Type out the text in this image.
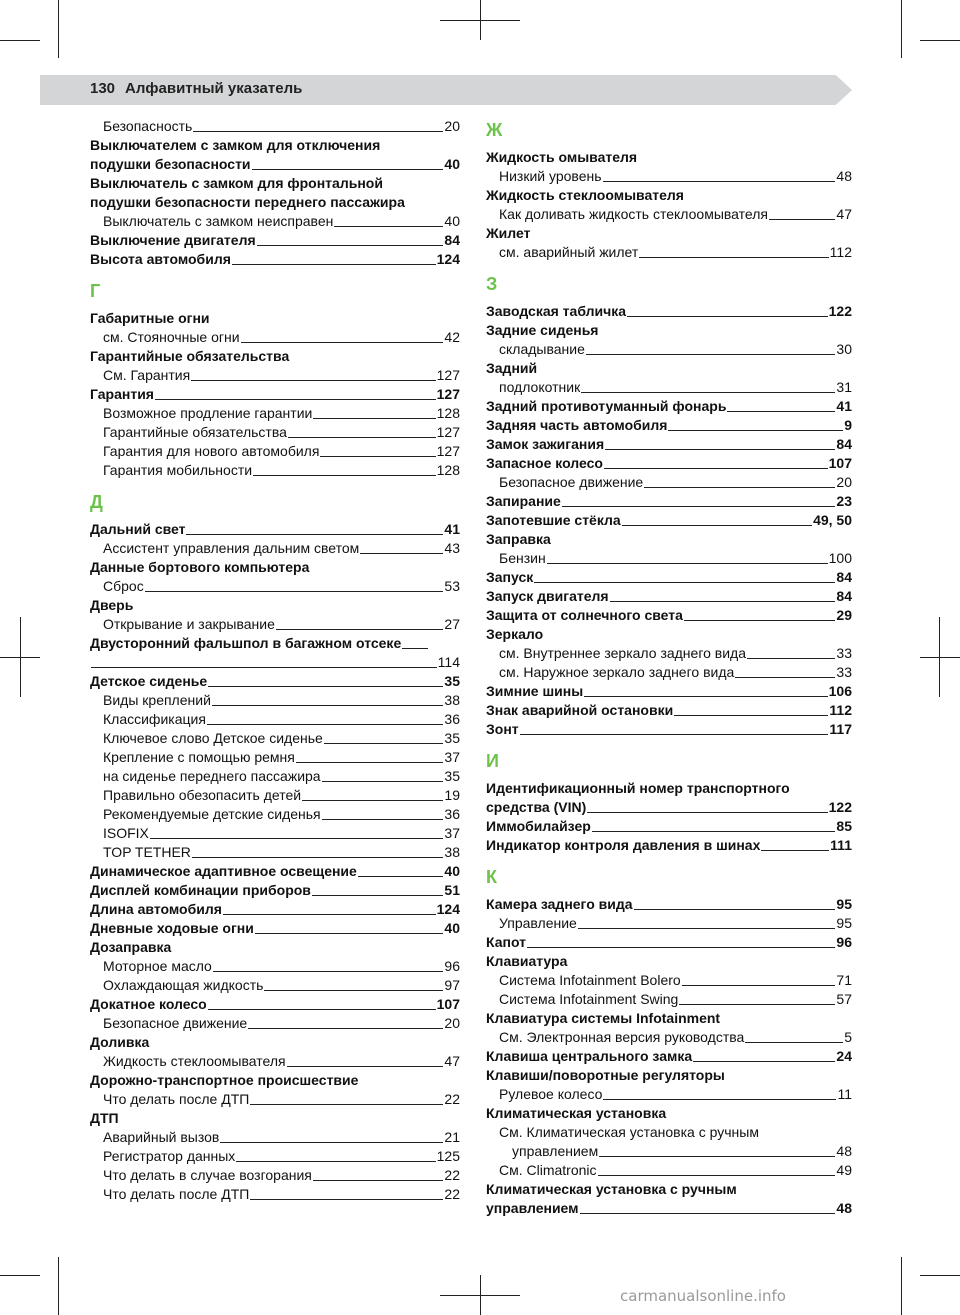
130 Алфавитный указатель
Безопасность	20
Выключателем с замком для отключения
подушки безопасности	40
Выключатель с замком для фронтальной
подушки безопасности переднего пассажира
Выключатель с замком неисправен	40
Выключение двигателя	84
Высота автомобиля	124
Г
Габаритные огни
см. Стояночные огни	42
Гарантийные обязательства
См. Гарантия	127
Гарантия	127
Возможное продление гарантии	128
Гарантийные обязательства	127
Гарантия для нового автомобиля	127
Гарантия мобильности	128
Д
Дальний свет	41
Ассистент управления дальним светом	43
Данные бортового компьютера
Сброс	53
Дверь
Открывание и закрывание	27
Двусторонний фальшпол в багажном отсеке
114
Детское сиденье	35
Виды креплений	38
Классификация	36
Ключевое слово Детское сиденье	35
Крепление с помощью ремня	37
на сиденье переднего пассажира	35
Правильно обезопасить детей	19
Рекомендуемые детские сиденья	36
ISOFIX	37
TOP TETHER	38
Динамическое адаптивное освещение	40
Дисплей комбинации приборов	51
Длина автомобиля	124
Дневные ходовые огни	40
Дозаправка
Моторное масло	96
Охлаждающая жидкость	97
Докатное колесо	107
Безопасное движение	20
Доливка
Жидкость стеклоомывателя	47
Дорожно-транспортное происшествие
Что делать после ДТП	22
ДТП
Аварийный вызов	21
Регистратор данных	125
Что делать в случае возгорания	22
Что делать после ДТП	22
Ж
Жидкость омывателя
Низкий уровень	48
Жидкость стеклоомывателя
Как доливать жидкость стеклоомывателя	47
Жилет
см. аварийный жилет	112
З
Заводская табличка	122
Задние сиденья
складывание	30
Задний
подлокотник	31
Задний противотуманный фонарь	41
Задняя часть автомобиля	9
Замок зажигания	84
Запасное колесо	107
Безопасное движение	20
Запирание	23
Запотевшие стёкла	49, 50
Заправка
Бензин	100
Запуск	84
Запуск двигателя	84
Защита от солнечного света	29
Зеркало
см. Внутреннее зеркало заднего вида	33
см. Наружное зеркало заднего вида	33
Зимние шины	106
Знак аварийной остановки	112
Зонт	117
И
Идентификационный номер транспортного
средства (VIN)	122
Иммобилайзер	85
Индикатор контроля давления в шинах	111
К
Камера заднего вида	95
Управление	95
Капот	96
Клавиатура
Система Infotainment Bolero	71
Система Infotainment Swing	57
Клавиатура системы Infotainment
См. Электронная версия руководства	5
Клавиша центрального замка	24
Клавиши/поворотные регуляторы
Рулевое колесо	11
Климатическая установка
См. Климатическая установка с ручным
управлением	48
См. Climatronic	49
Климатическая установка с ручным
управлением	48
carmanualsonline.info
